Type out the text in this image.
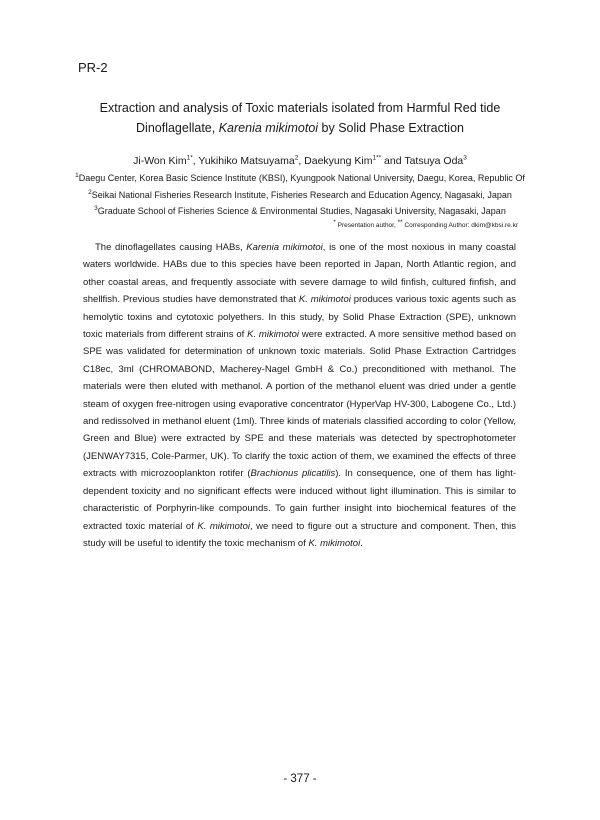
PR-2
Extraction and analysis of Toxic materials isolated from Harmful Red tide
Dinoflagellate, Karenia mikimotoi by Solid Phase Extraction
Ji-Won Kim$^{1*}$, Yukihiko Matsuyama$^2$, Daekyung Kim$^{1**}$ and Tatsuya Oda$^3$
$^1$Daegu Center, Korea Basic Science Institute (KBSI), Kyungpook National University, Daegu, Korea, Republic Of
$^2$Seikai National Fisheries Research Institute, Fisheries Research and Education Agency, Nagasaki, Japan
$^3$Graduate School of Fisheries Science & Environmental Studies, Nagasaki University, Nagasaki, Japan
* Presentation author, ** Corresponding Author: dkim@kbsi.re.kr

The dinoflagellates causing HABs, Karenia mikimotoi, is one of the most noxious in many coastal waters worldwide. HABs due to this species have been reported in Japan, North Atlantic region, and other coastal areas, and frequently associate with severe damage to wild finfish, cultured finfish, and shellfish. Previous studies have demonstrated that K. mikimotoi produces various toxic agents such as hemolytic toxins and cytotoxic polyethers. In this study, by Solid Phase Extraction (SPE), unknown toxic materials from different strains of K. mikimotoi were extracted. A more sensitive method based on SPE was validated for determination of unknown toxic materials. Solid Phase Extraction Cartridges C18ec, 3ml (CHROMABOND, Macherey-Nagel GmbH & Co.) preconditioned with methanol. The materials were then eluted with methanol. A portion of the methanol eluent was dried under a gentle steam of oxygen free-nitrogen using evaporative concentrator (HyperVap HV-300, Labogene Co., Ltd.) and redissolved in methanol eluent (1ml). Three kinds of materials classified according to color (Yellow, Green and Blue) were extracted by SPE and these materials was detected by spectrophotometer (JENWAY7315, Cole-Parmer, UK). To clarify the toxic action of them, we examined the effects of three extracts with microzooplankton rotifer (Brachionus plicatilis). In consequence, one of them has light-dependent toxicity and no significant effects were induced without light illumination. This is similar to characteristic of Porphyrin-like compounds. To gain further insight into biochemical features of the extracted toxic material of K. mikimotoi, we need to figure out a structure and component. Then, this study will be useful to identify the toxic mechanism of K. mikimotoi.

- 377 -
